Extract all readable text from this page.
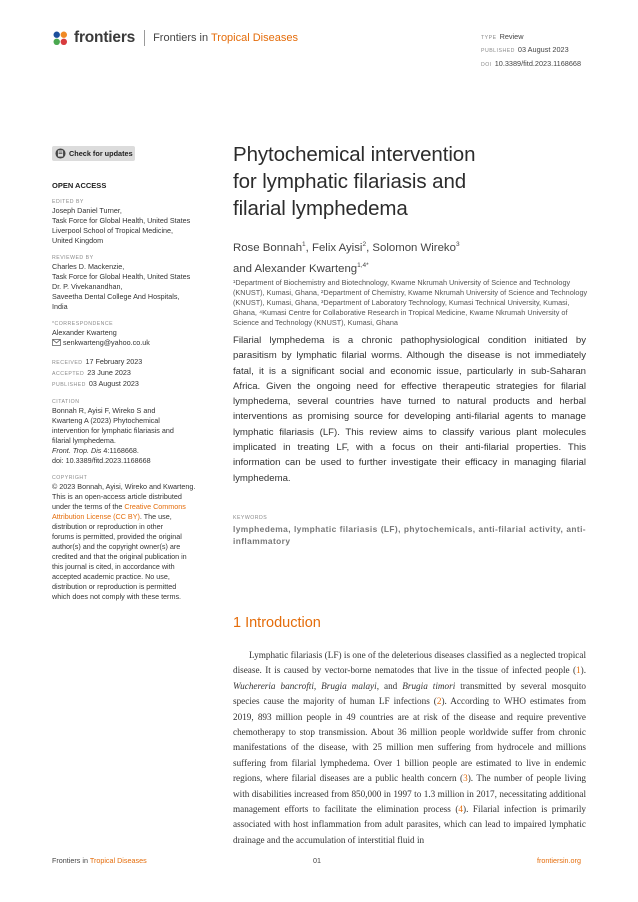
frontiers Frontiers in Tropical Diseases	TYPE Review
PUBLISHED 03 August 2023
DOI 10.3389/fitd.2023.1168668
Check for updates
OPEN ACCESS
EDITED BY
Joseph Daniel Turner,
Task Force for Global Health, United States
Liverpool School of Tropical Medicine,
United Kingdom
REVIEWED BY
Charles D. Mackenzie,
Task Force for Global Health, United States
Dr. P. Vivekanandhan,
Saveetha Dental College And Hospitals,
India
*CORRESPONDENCE
Alexander Kwarteng
senkwarteng@yahoo.co.uk
RECEIVED 17 February 2023
ACCEPTED 23 June 2023
PUBLISHED 03 August 2023
CITATION
Bonnah R, Ayisi F, Wireko S and
Kwarteng A (2023) Phytochemical
intervention for lymphatic filariasis and
filarial lymphedema.
Front. Trop. Dis 4:1168668.
doi: 10.3389/fitd.2023.1168668
COPYRIGHT
© 2023 Bonnah, Ayisi, Wireko and Kwarteng.
This is an open-access article distributed
under the terms of the Creative Commons
Attribution License (CC BY). The use,
distribution or reproduction in other
forums is permitted, provided the original
author(s) and the copyright owner(s) are
credited and that the original publication in
this journal is cited, in accordance with
accepted academic practice. No use,
distribution or reproduction is permitted
which does not comply with these terms.
Phytochemical intervention
for lymphatic filariasis and
filarial lymphedema
Rose Bonnah$^1$, Felix Ayisi$^2$, Solomon Wireko$^3$
and Alexander Kwarteng$^{1,4*}$
¹Department of Biochemistry and Biotechnology, Kwame Nkrumah University of Science and Technology (KNUST), Kumasi, Ghana, ²Department of Chemistry, Kwame Nkrumah University of Science and Technology (KNUST), Kumasi, Ghana, ³Department of Laboratory Technology, Kumasi Technical University, Kumasi, Ghana, ⁴Kumasi Centre for Collaborative Research in Tropical Medicine, Kwame Nkrumah University of Science and Technology (KNUST), Kumasi, Ghana
Filarial lymphedema is a chronic pathophysiological condition initiated by parasitism by lymphatic filarial worms. Although the disease is not immediately fatal, it is a significant social and economic issue, particularly in sub-Saharan Africa. Given the ongoing need for effective therapeutic strategies for filarial lymphedema, several countries have turned to natural products and herbal interventions as promising source for developing anti-filarial agents to manage lymphatic filariasis (LF). This review aims to classify various plant molecules implicated in treating LF, with a focus on their anti-filarial properties. This information can be used to further investigate their efficacy in managing filarial lymphedema.
KEYWORDS
lymphedema, lymphatic filariasis (LF), phytochemicals, anti-filarial activity, anti-inflammatory
1 Introduction

Lymphatic filariasis (LF) is one of the deleterious diseases classified as a neglected tropical disease. It is caused by vector-borne nematodes that live in the tissue of infected people (1). Wuchereria bancrofti, Brugia malayi, and Brugia timori transmitted by several mosquito species cause the majority of human LF infections (2). According to WHO estimates from 2019, 893 million people in 49 countries are at risk of the disease and require preventive chemotherapy to stop transmission. About 36 million people worldwide suffer from chronic manifestations of the disease, with 25 million men suffering from hydrocele and millions suffering from filarial lymphedema. Over 1 billion people are estimated to live in endemic regions, where filarial diseases are a public health concern (3). The number of people living with disabilities increased from 850,000 in 1997 to 1.3 million in 2017, necessitating additional management efforts to facilitate the elimination process (4). Filarial infection is primarily associated with host inflammation from adult parasites, which can lead to impaired lymphatic drainage and the accumulation of interstitial fluid in

Frontiers in Tropical Diseases	01	frontiersin.org
